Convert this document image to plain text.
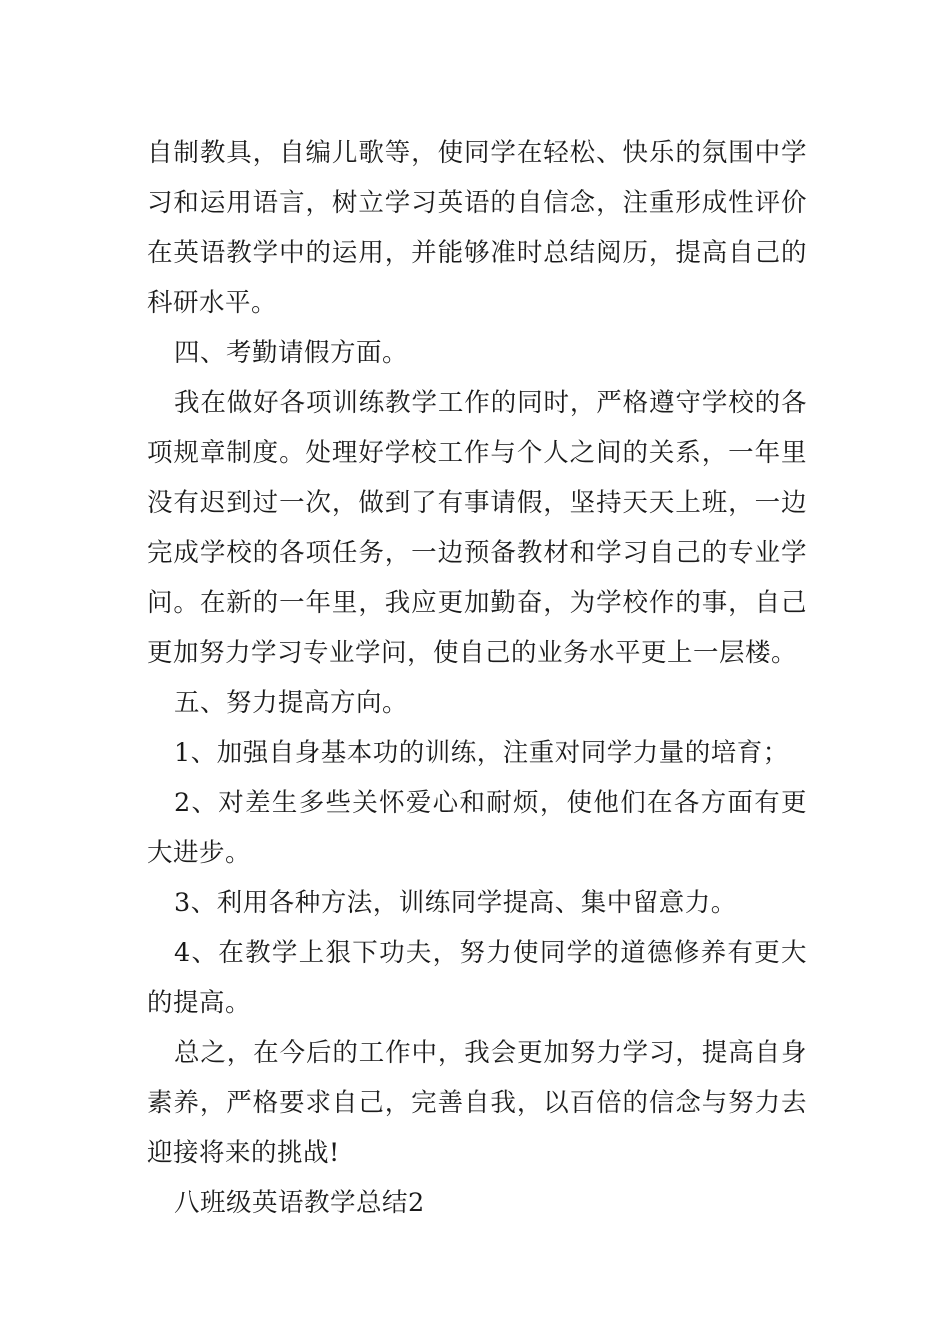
自制教具，自编儿歌等，使同学在轻松、快乐的氛围中学习和运用语言，树立学习英语的自信念，注重形成性评价在英语教学中的运用，并能够准时总结阅历，提高自己的科研水平。

四、考勤请假方面。

我在做好各项训练教学工作的同时，严格遵守学校的各项规章制度。处理好学校工作与个人之间的关系，一年里没有迟到过一次，做到了有事请假，坚持天天上班，一边完成学校的各项任务，一边预备教材和学习自己的专业学问。在新的一年里，我应更加勤奋，为学校作的事，自己更加努力学习专业学问，使自己的业务水平更上一层楼。

五、努力提高方向。

1、加强自身基本功的训练，注重对同学力量的培育；

2、对差生多些关怀爱心和耐烦，使他们在各方面有更大进步。

3、利用各种方法，训练同学提高、集中留意力。

4、在教学上狠下功夫，努力使同学的道德修养有更大的提高。

总之，在今后的工作中，我会更加努力学习，提高自身素养，严格要求自己，完善自我，以百倍的信念与努力去迎接将来的挑战!

八班级英语教学总结2
